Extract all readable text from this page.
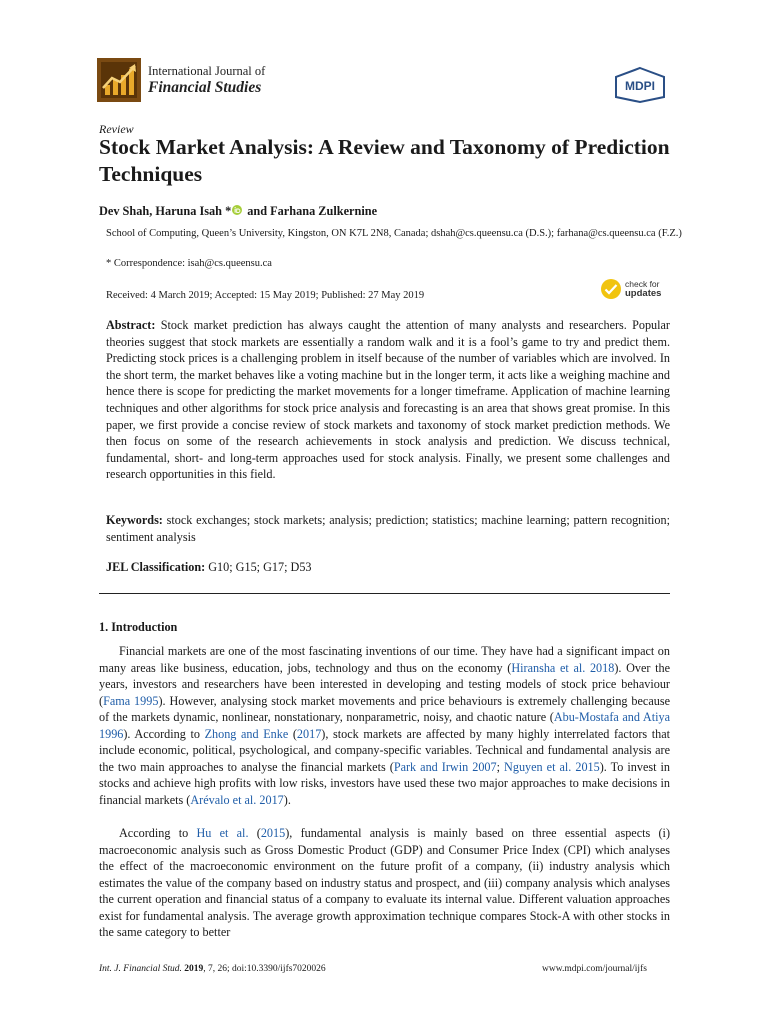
International Journal of
Financial Studies	MDPI
Review
Stock Market Analysis: A Review and Taxonomy of Prediction Techniques
Dev Shah, Haruna Isah * and Farhana Zulkernine
School of Computing, Queen’s University, Kingston, ON K7L 2N8, Canada; dshah@cs.queensu.ca (D.S.); farhana@cs.queensu.ca (F.Z.)
* Correspondence: isah@cs.queensu.ca
Received: 4 March 2019; Accepted: 15 May 2019; Published: 27 May 2019
check for
updates
Abstract: Stock market prediction has always caught the attention of many analysts and researchers. Popular theories suggest that stock markets are essentially a random walk and it is a fool’s game to try and predict them. Predicting stock prices is a challenging problem in itself because of the number of variables which are involved. In the short term, the market behaves like a voting machine but in the longer term, it acts like a weighing machine and hence there is scope for predicting the market movements for a longer timeframe. Application of machine learning techniques and other algorithms for stock price analysis and forecasting is an area that shows great promise. In this paper, we first provide a concise review of stock markets and taxonomy of stock market prediction methods. We then focus on some of the research achievements in stock analysis and prediction. We discuss technical, fundamental, short- and long-term approaches used for stock analysis. Finally, we present some challenges and research opportunities in this field.
Keywords: stock exchanges; stock markets; analysis; prediction; statistics; machine learning; pattern recognition; sentiment analysis
JEL Classification: G10; G15; G17; D53
1. Introduction
Financial markets are one of the most fascinating inventions of our time. They have had a significant impact on many areas like business, education, jobs, technology and thus on the economy (Hiransha et al. 2018). Over the years, investors and researchers have been interested in developing and testing models of stock price behaviour (Fama 1995). However, analysing stock market movements and price behaviours is extremely challenging because of the markets dynamic, nonlinear, nonstationary, nonparametric, noisy, and chaotic nature (Abu-Mostafa and Atiya 1996). According to Zhong and Enke (2017), stock markets are affected by many highly interrelated factors that include economic, political, psychological, and company-specific variables. Technical and fundamental analysis are the two main approaches to analyse the financial markets (Park and Irwin 2007; Nguyen et al. 2015). To invest in stocks and achieve high profits with low risks, investors have used these two major approaches to make decisions in financial markets (Arévalo et al. 2017).
According to Hu et al. (2015), fundamental analysis is mainly based on three essential aspects (i) macroeconomic analysis such as Gross Domestic Product (GDP) and Consumer Price Index (CPI) which analyses the effect of the macroeconomic environment on the future profit of a company, (ii) industry analysis which estimates the value of the company based on industry status and prospect, and (iii) company analysis which analyses the current operation and financial status of a company to evaluate its internal value. Different valuation approaches exist for fundamental analysis. The average growth approximation technique compares Stock-A with other stocks in the same category to better
Int. J. Financial Stud. 2019, 7, 26; doi:10.3390/ijfs7020026	www.mdpi.com/journal/ijfs
